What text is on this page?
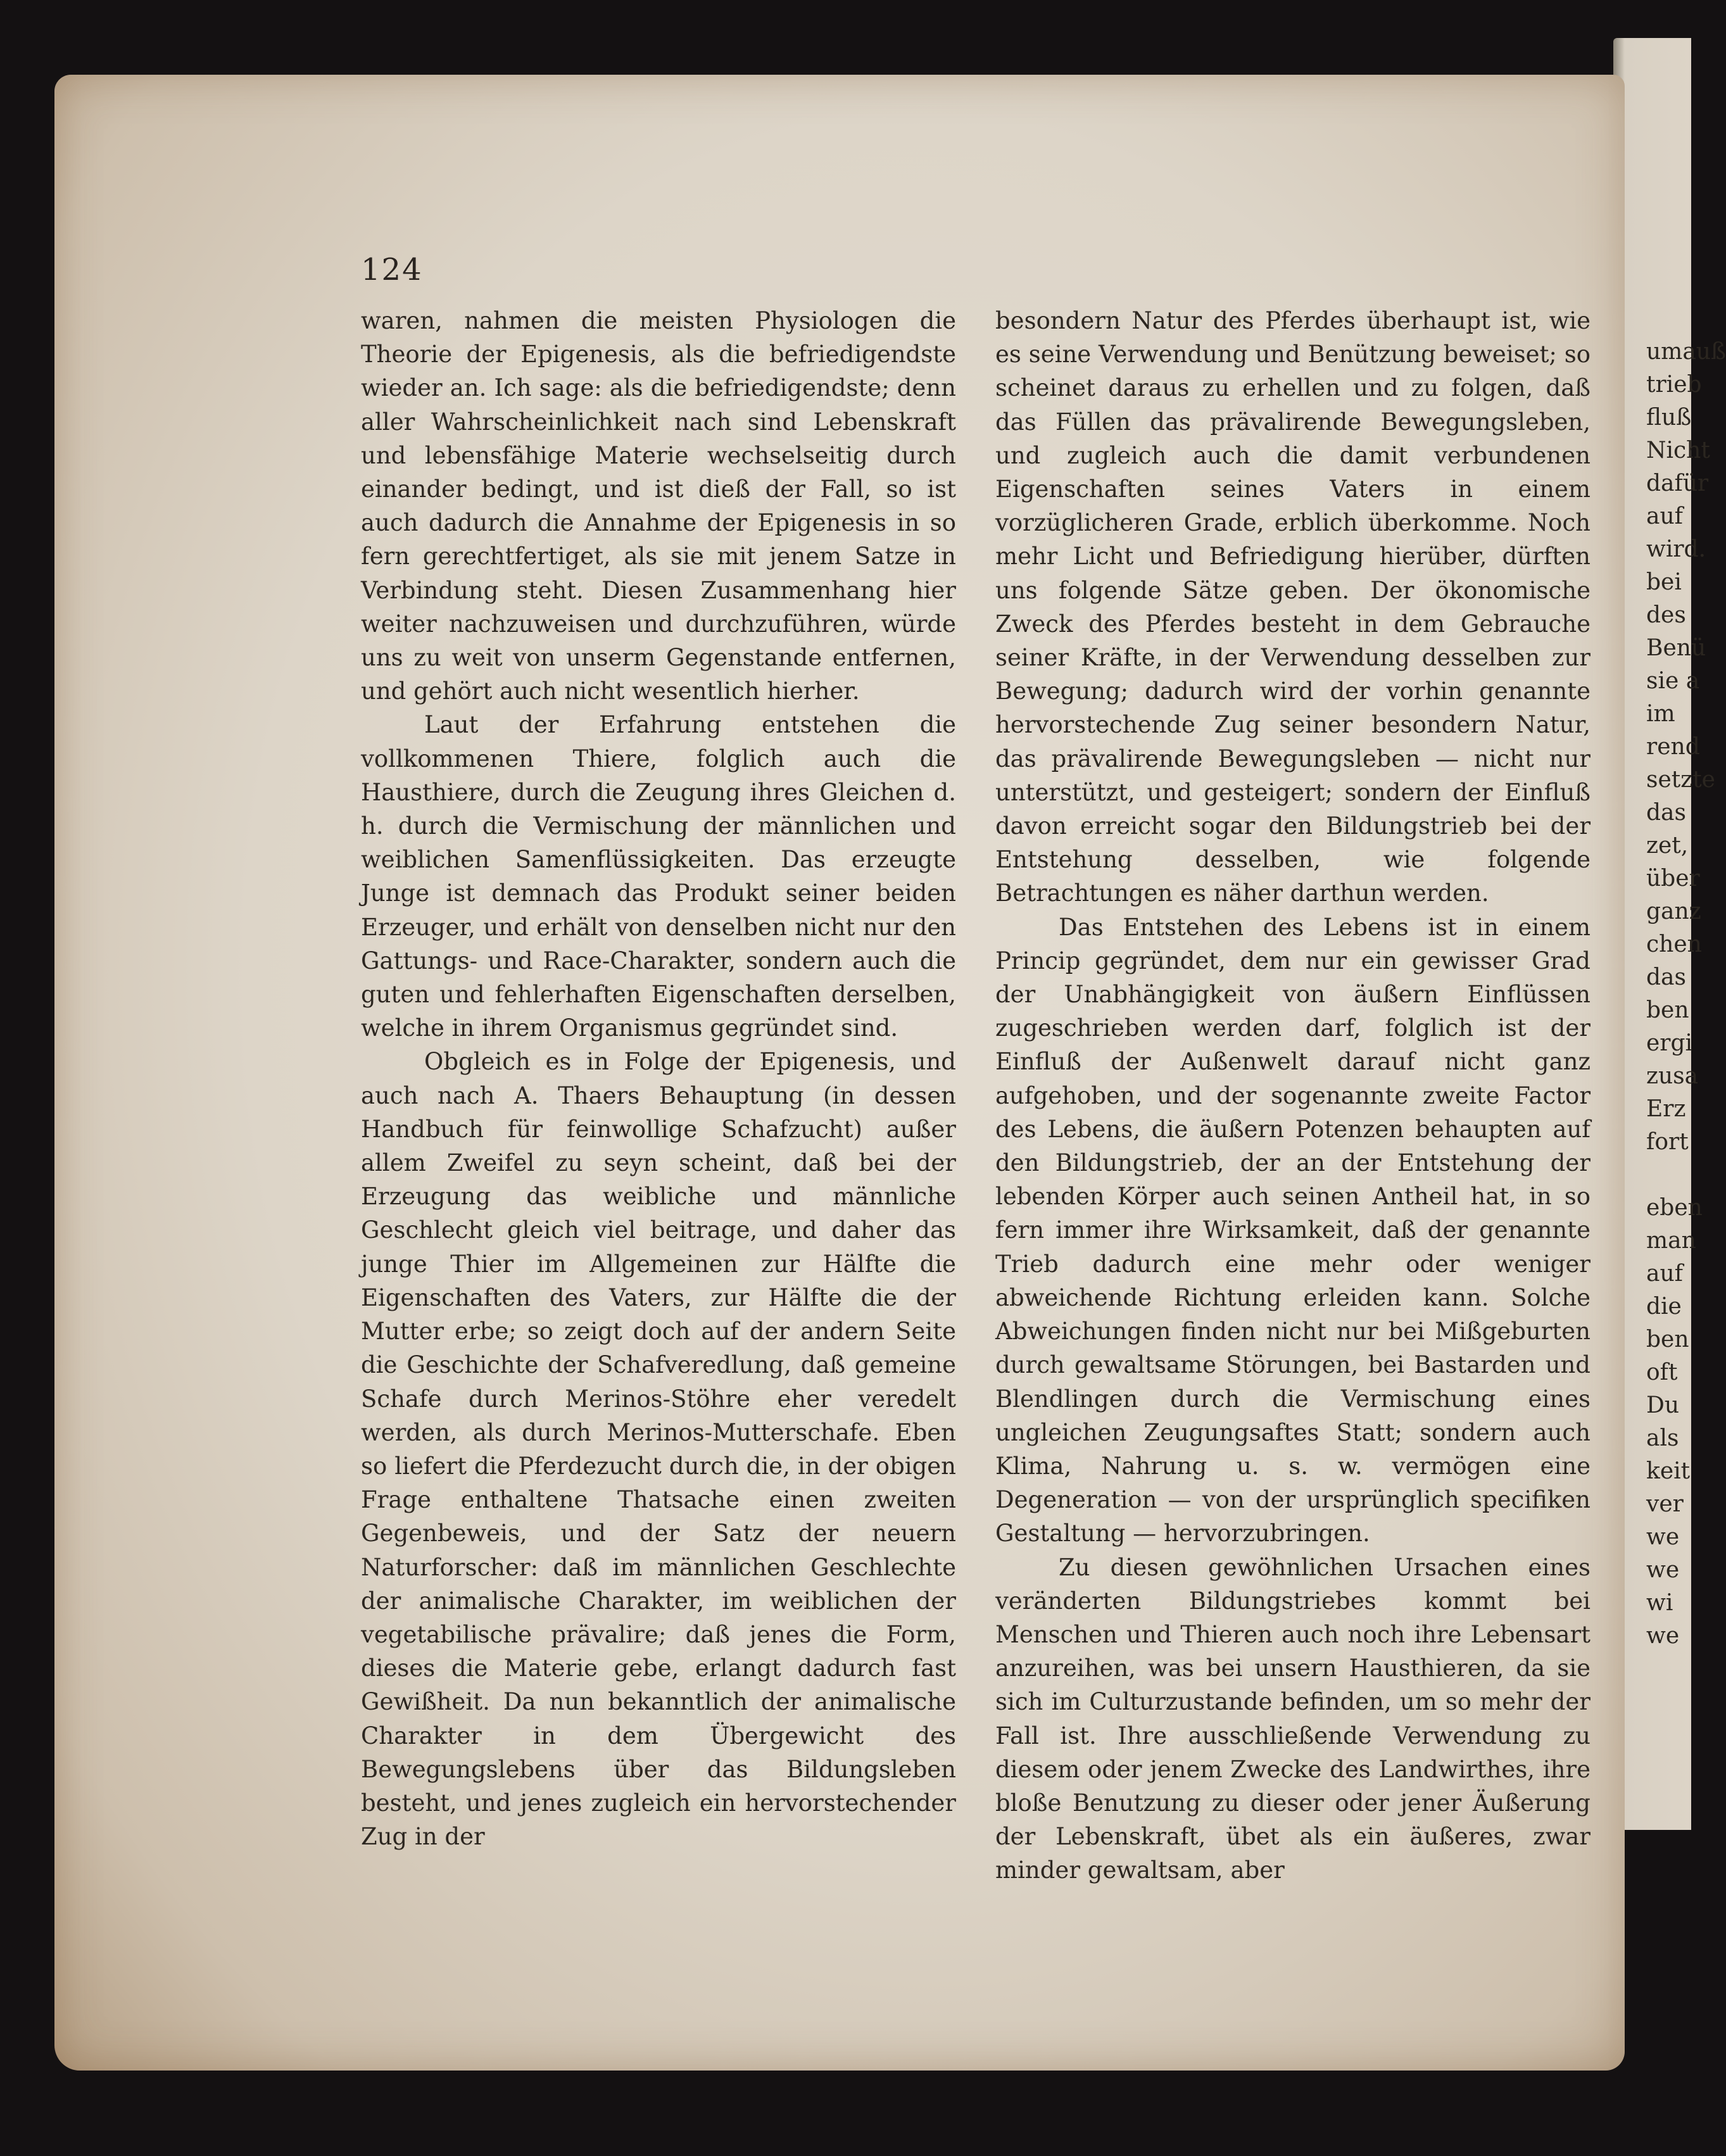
umauß
trieb
fluß
Nicht
dafür
auf
wird.
bei
des
Benü
sie a
im
rend
setzte
das
zet,
über
ganz
chen
das
ben
ergi
zusa
Erz
fort

eben
man
auf
die
ben
oft
Du
als
keit
ver
we
we
wi
we
124

waren, nahmen die meisten Physiologen die Theorie der Epigenesis, als die befriedigendste wieder an. Ich sage: als die befriedigendste; denn aller Wahrscheinlichkeit nach sind Lebenskraft und lebensfähige Materie wechselseitig durch einander bedingt, und ist dieß der Fall, so ist auch dadurch die Annahme der Epigenesis in so fern gerechtfertiget, als sie mit jenem Satze in Verbindung steht. Diesen Zusammenhang hier weiter nachzuweisen und durchzuführen, würde uns zu weit von unserm Gegenstande entfernen, und gehört auch nicht wesentlich hierher.

Laut der Erfahrung entstehen die vollkommenen Thiere, folglich auch die Hausthiere, durch die Zeugung ihres Gleichen d. h. durch die Vermischung der männlichen und weiblichen Samenflüssigkeiten. Das erzeugte Junge ist demnach das Produkt seiner beiden Erzeuger, und erhält von denselben nicht nur den Gattungs- und Race-Charakter, sondern auch die guten und fehlerhaften Eigenschaften derselben, welche in ihrem Organismus gegründet sind.

Obgleich es in Folge der Epigenesis, und auch nach A. Thaers Behauptung (in dessen Handbuch für feinwollige Schafzucht) außer allem Zweifel zu seyn scheint, daß bei der Erzeugung das weibliche und männliche Geschlecht gleich viel beitrage, und daher das junge Thier im Allgemeinen zur Hälfte die Eigenschaften des Vaters, zur Hälfte die der Mutter erbe; so zeigt doch auf der andern Seite die Geschichte der Schafveredlung, daß gemeine Schafe durch Merinos-Stöhre eher veredelt werden, als durch Merinos-Mutterschafe. Eben so liefert die Pferdezucht durch die, in der obigen Frage enthaltene Thatsache einen zweiten Gegenbeweis, und der Satz der neuern Naturforscher: daß im männlichen Geschlechte der animalische Charakter, im weiblichen der vegetabilische prävalire; daß jenes die Form, dieses die Materie gebe, erlangt dadurch fast Gewißheit. Da nun bekanntlich der animalische Charakter in dem Übergewicht des Bewegungslebens über das Bildungsleben besteht, und jenes zugleich ein hervorstechender Zug in der

besondern Natur des Pferdes überhaupt ist, wie es seine Verwendung und Benützung beweiset; so scheinet daraus zu erhellen und zu folgen, daß das Füllen das prävalirende Bewegungsleben, und zugleich auch die damit verbundenen Eigenschaften seines Vaters in einem vorzüglicheren Grade, erblich überkomme. Noch mehr Licht und Befriedigung hierüber, dürften uns folgende Sätze geben. Der ökonomische Zweck des Pferdes besteht in dem Gebrauche seiner Kräfte, in der Verwendung desselben zur Bewegung; dadurch wird der vorhin genannte hervorstechende Zug seiner besondern Natur, das prävalirende Bewegungsleben — nicht nur unterstützt, und gesteigert; sondern der Einfluß davon erreicht sogar den Bildungstrieb bei der Entstehung desselben, wie folgende Betrachtungen es näher darthun werden.

Das Entstehen des Lebens ist in einem Princip gegründet, dem nur ein gewisser Grad der Unabhängigkeit von äußern Einflüssen zugeschrieben werden darf, folglich ist der Einfluß der Außenwelt darauf nicht ganz aufgehoben, und der sogenannte zweite Factor des Lebens, die äußern Potenzen behaupten auf den Bildungstrieb, der an der Entstehung der lebenden Körper auch seinen Antheil hat, in so fern immer ihre Wirksamkeit, daß der genannte Trieb dadurch eine mehr oder weniger abweichende Richtung erleiden kann. Solche Abweichungen finden nicht nur bei Mißgeburten durch gewaltsame Störungen, bei Bastarden und Blendlingen durch die Vermischung eines ungleichen Zeugungsaftes Statt; sondern auch Klima, Nahrung u. s. w. vermögen eine Degeneration — von der ursprünglich specifiken Gestaltung — hervorzubringen.

Zu diesen gewöhnlichen Ursachen eines veränderten Bildungstriebes kommt bei Menschen und Thieren auch noch ihre Lebensart anzureihen, was bei unsern Hausthieren, da sie sich im Culturzustande befinden, um so mehr der Fall ist. Ihre ausschließende Verwendung zu diesem oder jenem Zwecke des Landwirthes, ihre bloße Benutzung zu dieser oder jener Äußerung der Lebenskraft, übet als ein äußeres, zwar minder gewaltsam, aber
